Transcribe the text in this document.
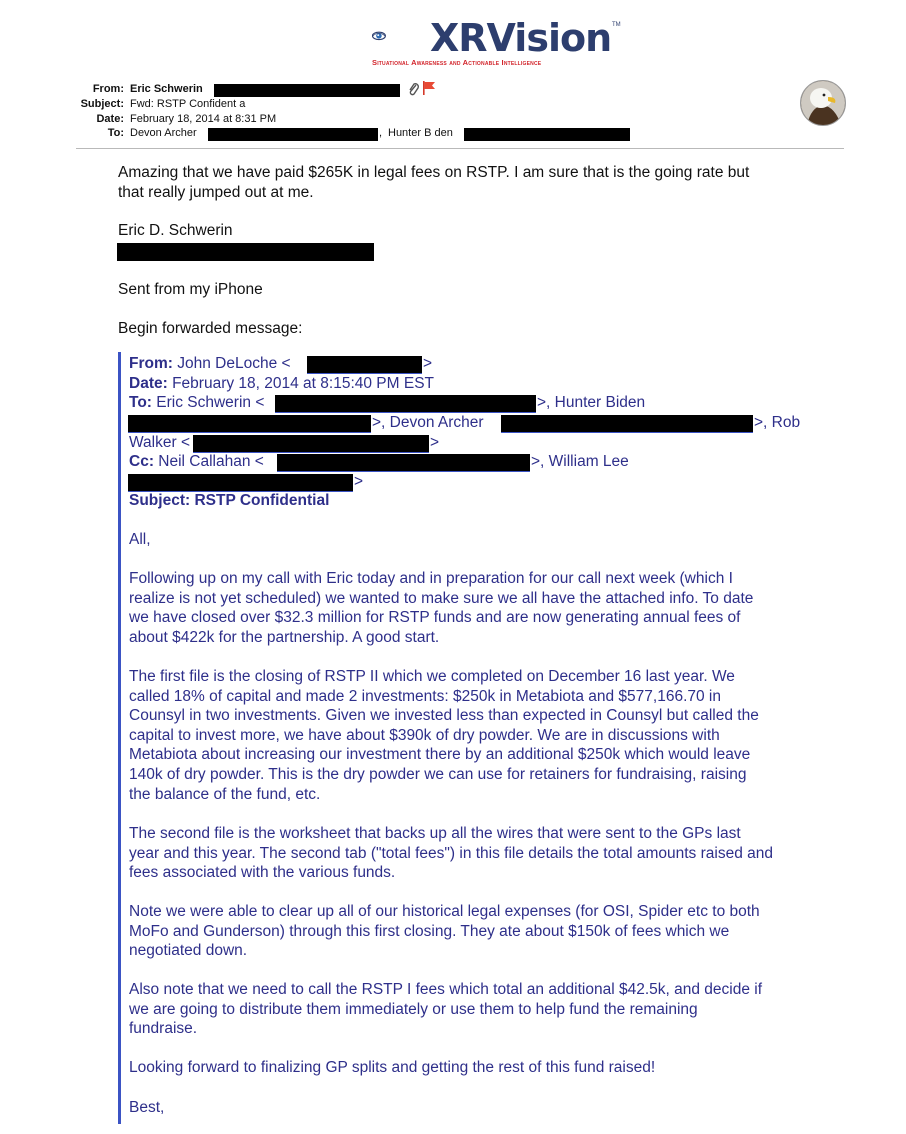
XRVision TM
Situational Awareness and Actionable Intelligence
From: Eric Schwerin
Subject: Fwd: RSTP Confident a
Date: February 18, 2014 at 8:31 PM
To: Devon Archer	, Hunter B den
Amazing that we have paid $265K in legal fees on RSTP. I am sure that is the going rate but
that really jumped out at me.
Eric D. Schwerin
Sent from my iPhone
Begin forwarded message:
From: John DeLoche <	>
Date: February 18, 2014 at 8:15:40 PM EST
To: Eric Schwerin <	>, Hunter Biden
>, Devon Archer	>, Rob
Walker <	>
Cc: Neil Callahan <	>, William Lee
>
Subject: RSTP Confidential
All,
Following up on my call with Eric today and in preparation for our call next week (which I
realize is not yet scheduled) we wanted to make sure we all have the attached info. To date
we have closed over $32.3 million for RSTP funds and are now generating annual fees of
about $422k for the partnership. A good start.
The first file is the closing of RSTP II which we completed on December 16 last year. We
called 18% of capital and made 2 investments: $250k in Metabiota and $577,166.70 in
Counsyl in two investments. Given we invested less than expected in Counsyl but called the
capital to invest more, we have about $390k of dry powder. We are in discussions with
Metabiota about increasing our investment there by an additional $250k which would leave
140k of dry powder. This is the dry powder we can use for retainers for fundraising, raising
the balance of the fund, etc.
The second file is the worksheet that backs up all the wires that were sent to the GPs last
year and this year. The second tab ("total fees") in this file details the total amounts raised and
fees associated with the various funds.
Note we were able to clear up all of our historical legal expenses (for OSI, Spider etc to both
MoFo and Gunderson) through this first closing. They ate about $150k of fees which we
negotiated down.
Also note that we need to call the RSTP I fees which total an additional $42.5k, and decide if
we are going to distribute them immediately or use them to help fund the remaining
fundraise.
Looking forward to finalizing GP splits and getting the rest of this fund raised!
Best,
